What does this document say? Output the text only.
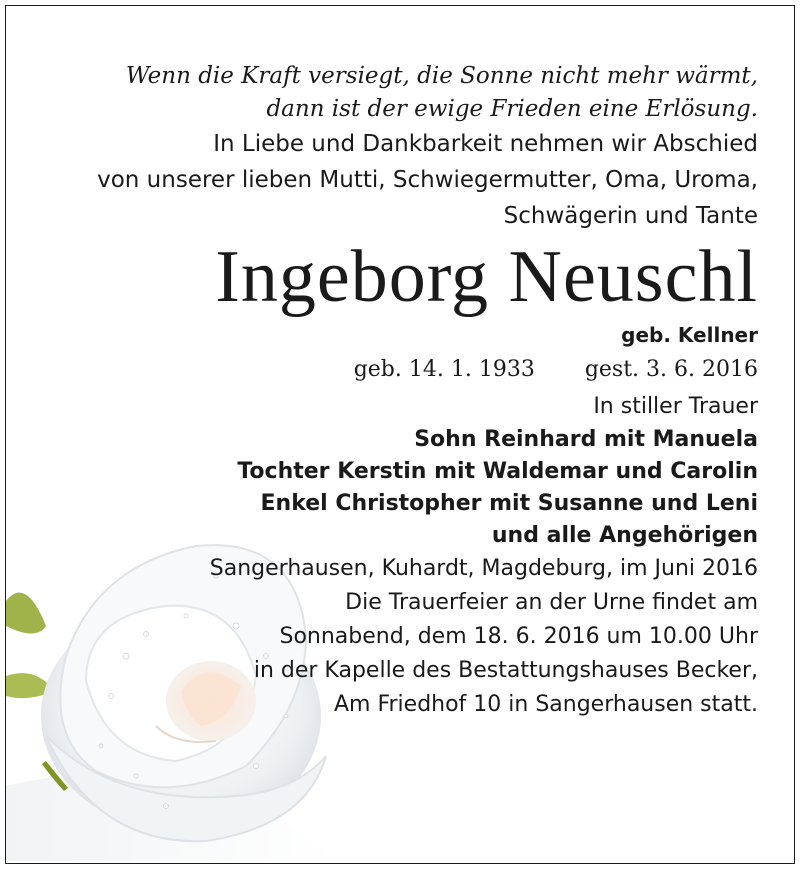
Wenn die Kraft versiegt, die Sonne nicht mehr wärmt,

dann ist der ewige Frieden eine Erlösung.

In Liebe und Dankbarkeit nehmen wir Abschied

von unserer lieben Mutti, Schwiegermutter, Oma, Uroma,

Schwägerin und Tante

Ingeborg Neuschl
geb. Kellner
geb. 14. 1. 1933 gest. 3. 6. 2016
In stiller Trauer

Sohn Reinhard mit Manuela

Tochter Kerstin mit Waldemar und Carolin

Enkel Christopher mit Susanne und Leni

und alle Angehörigen

Sangerhausen, Kuhardt, Magdeburg, im Juni 2016

Die Trauerfeier an der Urne findet am

Sonnabend, dem 18. 6. 2016 um 10.00 Uhr

in der Kapelle des Bestattungshauses Becker,

Am Friedhof 10 in Sangerhausen statt.
